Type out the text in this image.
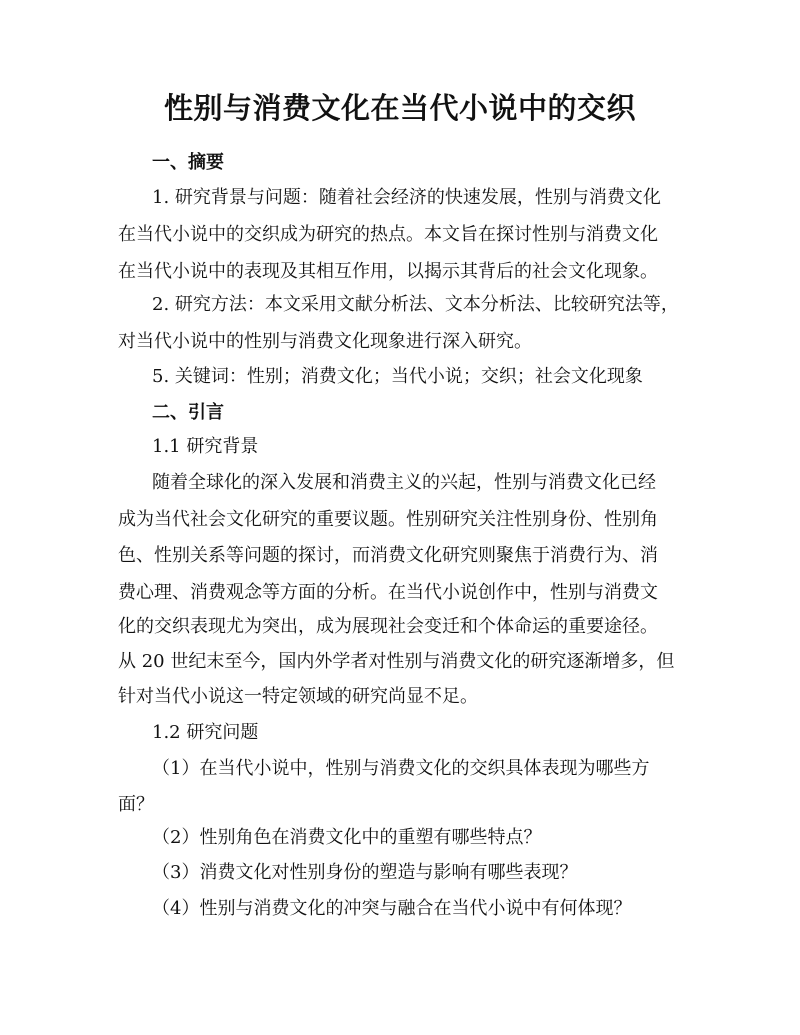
性别与消费文化在当代小说中的交织
一、摘要
1. 研究背景与问题：随着社会经济的快速发展，性别与消费文化
在当代小说中的交织成为研究的热点。本文旨在探讨性别与消费文化
在当代小说中的表现及其相互作用，以揭示其背后的社会文化现象。
2. 研究方法：本文采用文献分析法、文本分析法、比较研究法等，
对当代小说中的性别与消费文化现象进行深入研究。
5. 关键词：性别；消费文化；当代小说；交织；社会文化现象
二、引言
1.1 研究背景
随着全球化的深入发展和消费主义的兴起，性别与消费文化已经
成为当代社会文化研究的重要议题。性别研究关注性别身份、性别角
色、性别关系等问题的探讨，而消费文化研究则聚焦于消费行为、消
费心理、消费观念等方面的分析。在当代小说创作中，性别与消费文
化的交织表现尤为突出，成为展现社会变迁和个体命运的重要途径。
从 20 世纪末至今，国内外学者对性别与消费文化的研究逐渐增多，但
针对当代小说这一特定领域的研究尚显不足。
1.2 研究问题
（1）在当代小说中，性别与消费文化的交织具体表现为哪些方
面？
（2）性别角色在消费文化中的重塑有哪些特点？
（3）消费文化对性别身份的塑造与影响有哪些表现？
（4）性别与消费文化的冲突与融合在当代小说中有何体现？
